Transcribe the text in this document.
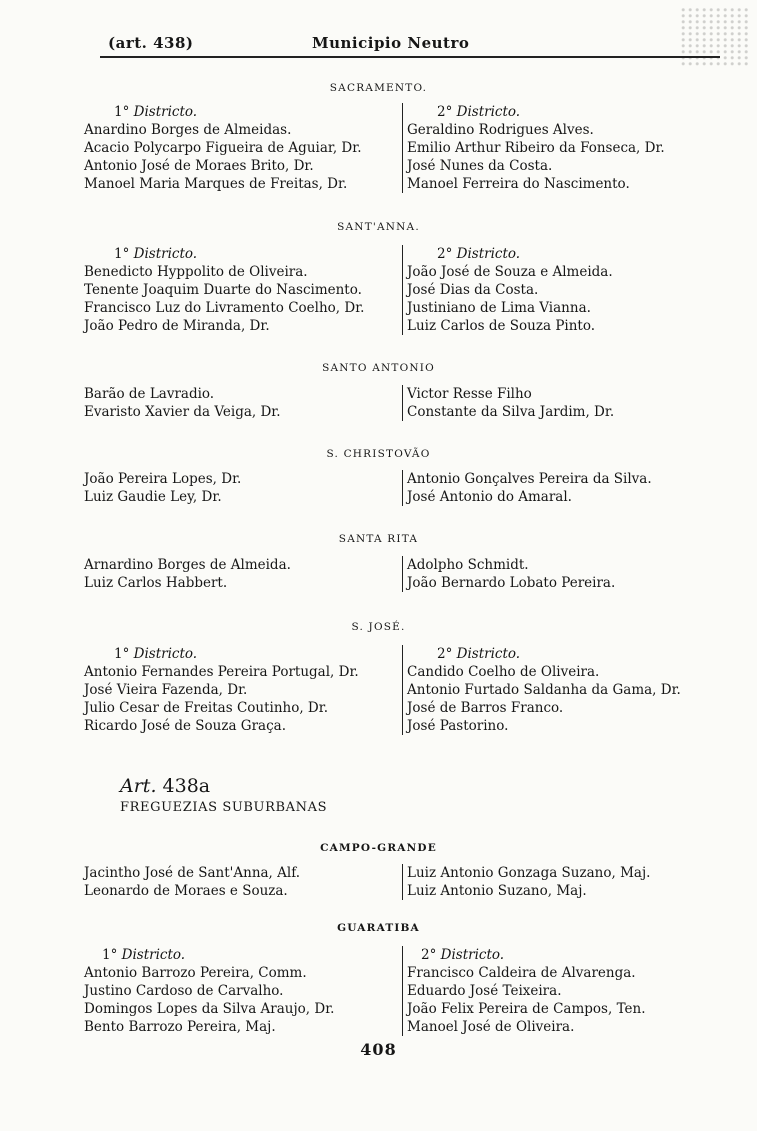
(art. 438)	Municipio Neutro
SACRAMENTO.
1° Districto.
Anardino Borges de Almeidas.
Acacio Polycarpo Figueira de Aguiar, Dr.
Antonio José de Moraes Brito, Dr.
Manoel Maria Marques de Freitas, Dr.
2° Districto.
Geraldino Rodrigues Alves.
Emilio Arthur Ribeiro da Fonseca, Dr.
José Nunes da Costa.
Manoel Ferreira do Nascimento.
SANT'ANNA.
1° Districto.
Benedicto Hyppolito de Oliveira.
Tenente Joaquim Duarte do Nascimento.
Francisco Luz do Livramento Coelho, Dr.
João Pedro de Miranda, Dr.
2° Districto.
João José de Souza e Almeida.
José Dias da Costa.
Justiniano de Lima Vianna.
Luiz Carlos de Souza Pinto.
SANTO ANTONIO
Barão de Lavradio.
Evaristo Xavier da Veiga, Dr.
Victor Resse Filho
Constante da Silva Jardim, Dr.
S. CHRISTOVÃO
João Pereira Lopes, Dr.
Luiz Gaudie Ley, Dr.
Antonio Gonçalves Pereira da Silva.
José Antonio do Amaral.
SANTA RITA
Arnardino Borges de Almeida.
Luiz Carlos Habbert.
Adolpho Schmidt.
João Bernardo Lobato Pereira.
S. JOSÉ.
1° Districto.
Antonio Fernandes Pereira Portugal, Dr.
José Vieira Fazenda, Dr.
Julio Cesar de Freitas Coutinho, Dr.
Ricardo José de Souza Graça.
2° Districto.
Candido Coelho de Oliveira.
Antonio Furtado Saldanha da Gama, Dr.
José de Barros Franco.
José Pastorino.
Art. 438a
FREGUEZIAS SUBURBANAS
CAMPO-GRANDE
Jacintho José de Sant'Anna, Alf.
Leonardo de Moraes e Souza.
Luiz Antonio Gonzaga Suzano, Maj.
Luiz Antonio Suzano, Maj.
GUARATIBA
1° Districto.
Antonio Barrozo Pereira, Comm.
Justino Cardoso de Carvalho.
Domingos Lopes da Silva Araujo, Dr.
Bento Barrozo Pereira, Maj.
2° Districto.
Francisco Caldeira de Alvarenga.
Eduardo José Teixeira.
João Felix Pereira de Campos, Ten.
Manoel José de Oliveira.
408
